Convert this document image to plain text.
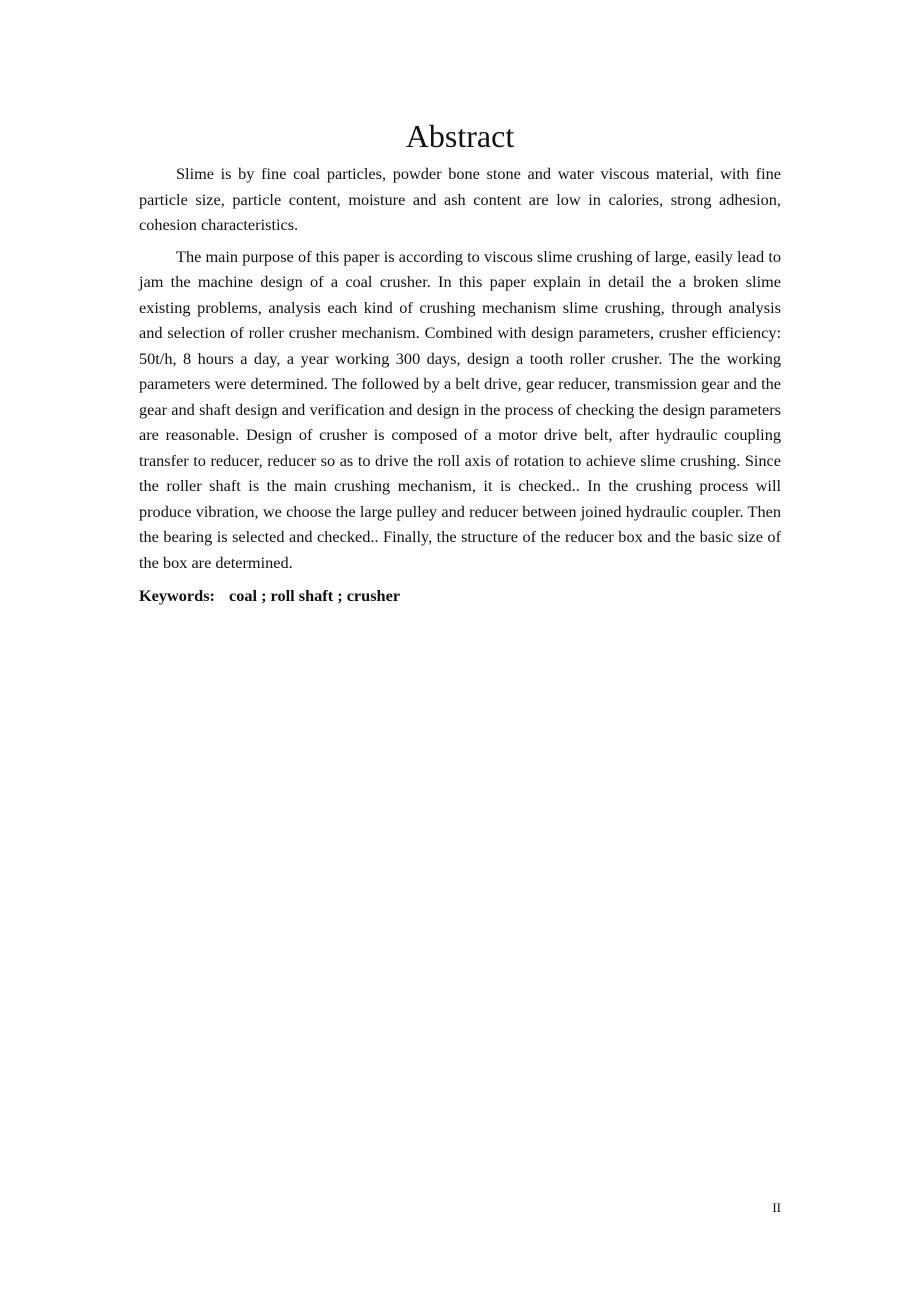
Abstract

Slime is by fine coal particles, powder bone stone and water viscous material, with fine particle size, particle content, moisture and ash content are low in calories, strong adhesion, cohesion characteristics.

The main purpose of this paper is according to viscous slime crushing of large, easily lead to jam the machine design of a coal crusher. In this paper explain in detail the a broken slime existing problems, analysis each kind of crushing mechanism slime crushing, through analysis and selection of roller crusher mechanism. Combined with design parameters, crusher efficiency: 50t/h, 8 hours a day, a year working 300 days, design a tooth roller crusher. The the working parameters were determined. The followed by a belt drive, gear reducer, transmission gear and the gear and shaft design and verification and design in the process of checking the design parameters are reasonable. Design of crusher is composed of a motor drive belt, after hydraulic coupling transfer to reducer, reducer so as to drive the roll axis of rotation to achieve slime crushing. Since the roller shaft is the main crushing mechanism, it is checked.. In the crushing process will produce vibration, we choose the large pulley and reducer between joined hydraulic coupler. Then the bearing is selected and checked.. Finally, the structure of the reducer box and the basic size of the box are determined.

Keywords: coal ; roll shaft ; crusher

II
